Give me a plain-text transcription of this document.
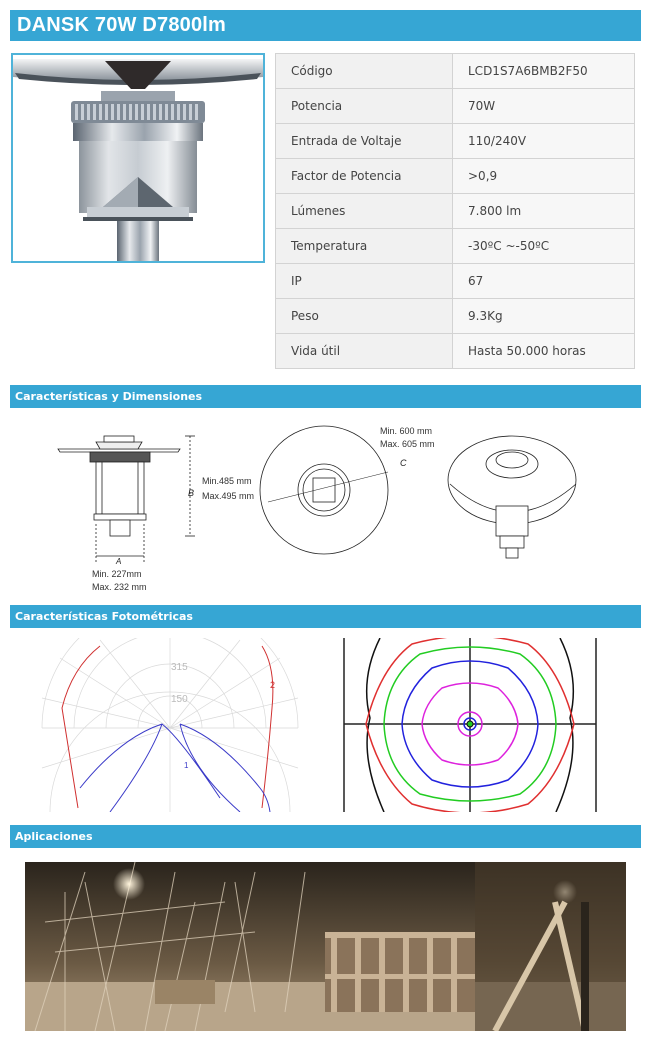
DANSK 70W D7800lm
Código	LCD1S7A6BMB2F50
Potencia	70W
Entrada de Voltaje	110/240V
Factor de Potencia	>0,9
Lúmenes	7.800 lm
Temperatura	-30ºC ~-50ºC
IP	67
Peso	9.3Kg
Vida útil	Hasta 50.000 horas
Características y Dimensiones
B
Min.485 mm
Max.495 mm
A
Min. 227mm
Max. 232 mm
Min. 600 mm
Max. 605 mm
C
Características Fotométricas
315
150
2
1
Aplicaciones
